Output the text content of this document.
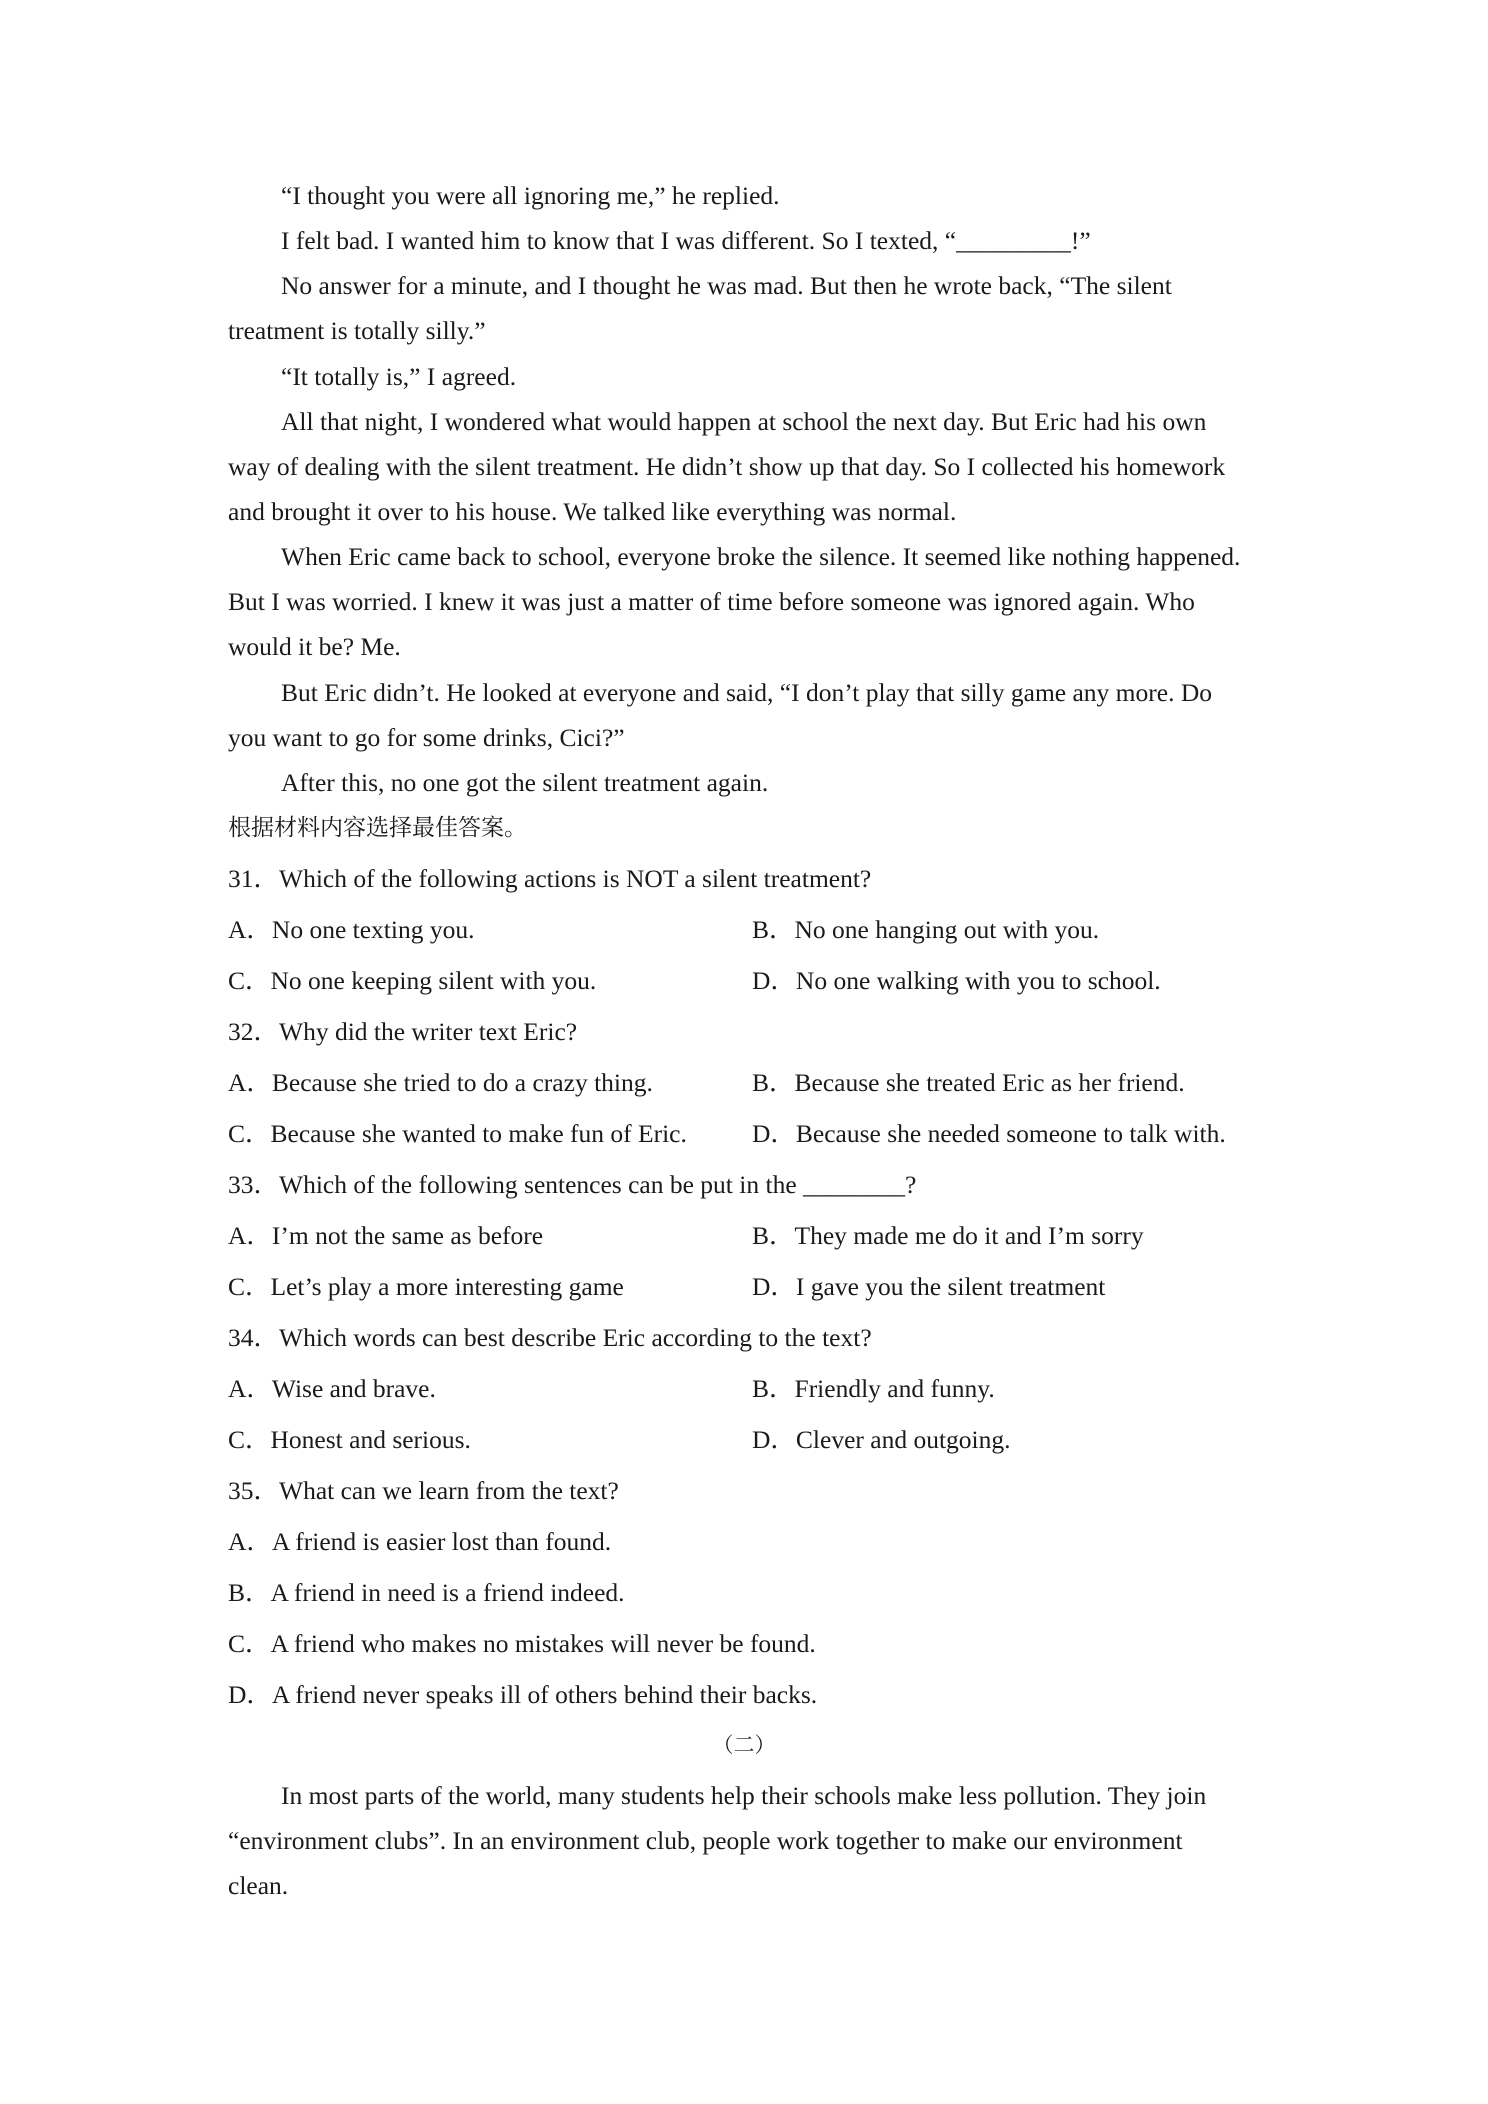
“I thought you were all ignoring me,” he replied.
I felt bad. I wanted him to know that I was different. So I texted, “_________!”
No answer for a minute, and I thought he was mad. But then he wrote back, “The silent
treatment is totally silly.”
“It totally is,” I agreed.
All that night, I wondered what would happen at school the next day. But Eric had his own
way of dealing with the silent treatment. He didn’t show up that day. So I collected his homework
and brought it over to his house. We talked like everything was normal.
When Eric came back to school, everyone broke the silence. It seemed like nothing happened.
But I was worried. I knew it was just a matter of time before someone was ignored again. Who
would it be? Me.
But Eric didn’t. He looked at everyone and said, “I don’t play that silly game any more. Do
you want to go for some drinks, Cici?”
After this, no one got the silent treatment again.
根据材料内容选择最佳答案。
31．Which of the following actions is NOT a silent treatment?
A．No one texting you.	B．No one hanging out with you.
C．No one keeping silent with you.	D．No one walking with you to school.
32．Why did the writer text Eric?
A．Because she tried to do a crazy thing.	B．Because she treated Eric as her friend.
C．Because she wanted to make fun of Eric.	D．Because she needed someone to talk with.
33．Which of the following sentences can be put in the ________?
A．I’m not the same as before	B．They made me do it and I’m sorry
C．Let’s play a more interesting game	D．I gave you the silent treatment
34．Which words can best describe Eric according to the text?
A．Wise and brave.	B．Friendly and funny.
C．Honest and serious.	D．Clever and outgoing.
35．What can we learn from the text?
A．A friend is easier lost than found.
B．A friend in need is a friend indeed.
C．A friend who makes no mistakes will never be found.
D．A friend never speaks ill of others behind their backs.
（二）
In most parts of the world, many students help their schools make less pollution. They join
“environment clubs”. In an environment club, people work together to make our environment
clean.
